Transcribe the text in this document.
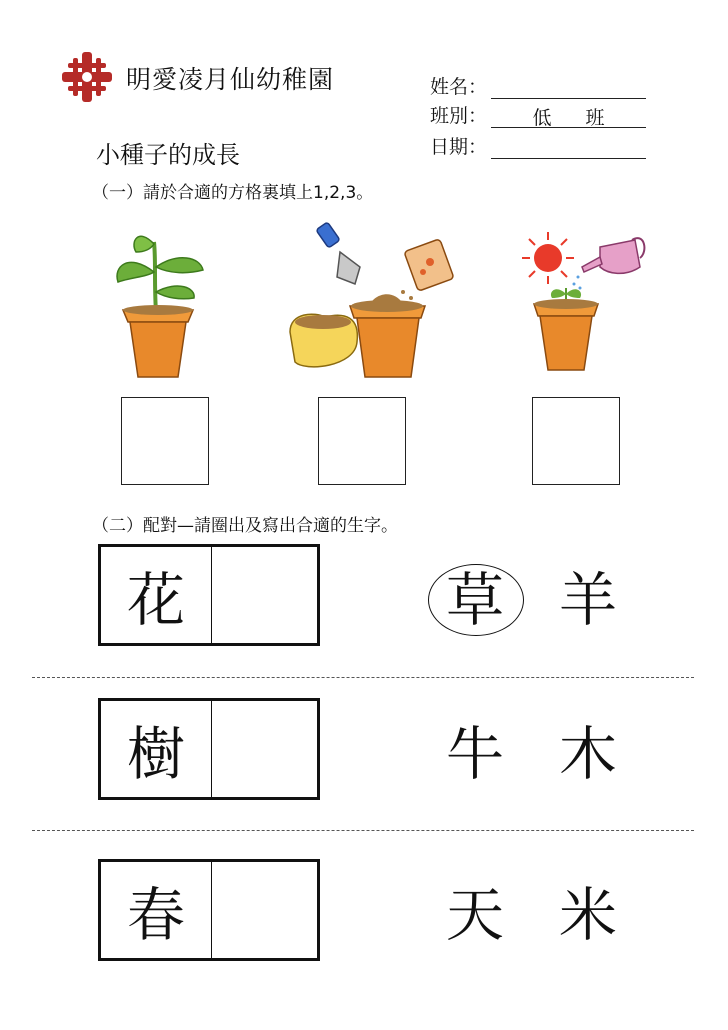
明愛凌月仙幼稚園	姓名：
班別：	低 班
日期：
小種子的成長
（一）請於合適的方格裏填上1,2,3。
（二）配對—請圈出及寫出合適的生字。
花	草 羊
樹	牛 木
春	天 米
